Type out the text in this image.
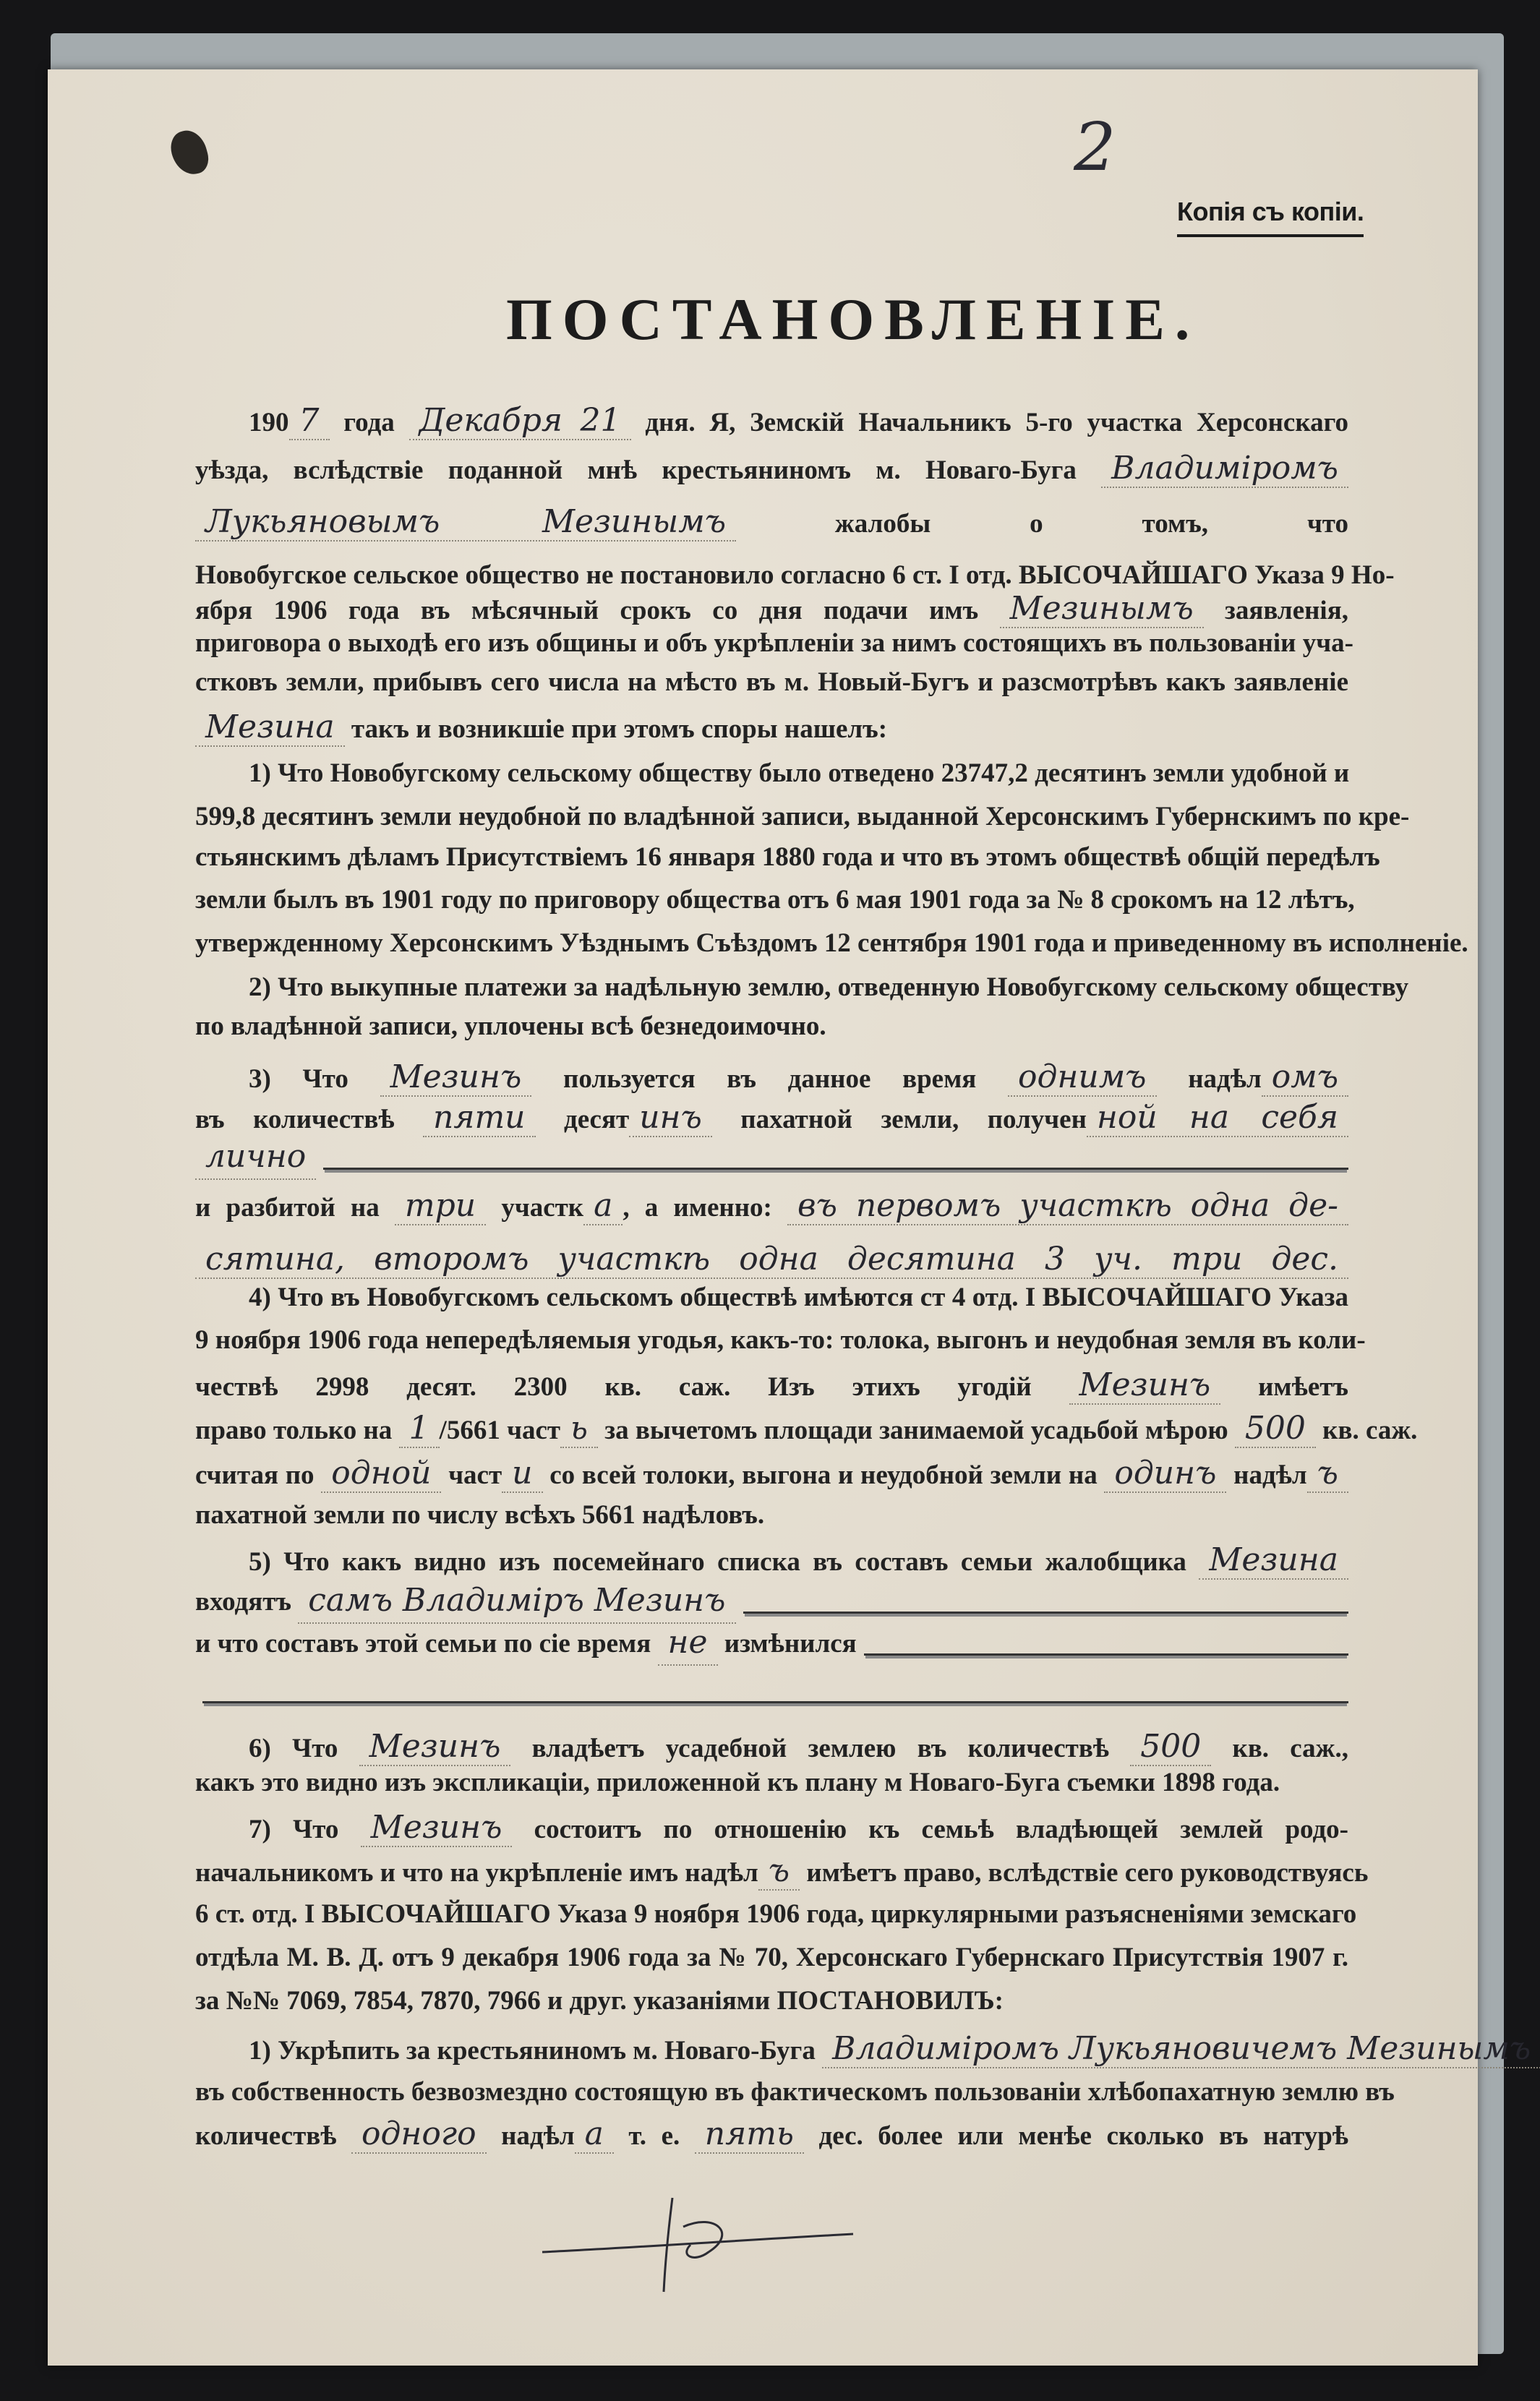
2
Копія съ копіи.
ПОСТАНОВЛЕНІЕ.
190 7 года Декабря 21 дня. Я, Земскій Начальникъ 5-го участка Херсонскаго
уѣзда, вслѣдствіе поданной мнѣ крестьяниномъ м. Новаго-Буга Владиміромъ
Лукьяновымъ Мезинымъ жалобы о томъ, что
Новобугское сельское общество не постановило согласно 6 ст. I отд. ВЫСОЧАЙШАГО Указа 9 Но-
ября 1906 года въ мѣсячный срокъ со дня подачи имъ Мезинымъ заявленія,
приговора о выходѣ его изъ общины и объ укрѣпленіи за нимъ состоящихъ въ пользованіи уча-
стковъ земли, прибывъ сего числа на мѣсто въ м. Новый-Бугъ и разсмотрѣвъ какъ заявленіе
Мезина такъ и возникшіе при этомъ споры нашелъ:
1) Что Новобугскому сельскому обществу было отведено 23747,2 десятинъ земли удобной и
599,8 десятинъ земли неудобной по владѣнной записи, выданной Херсонскимъ Губернскимъ по кре-
стьянскимъ дѣламъ Присутствіемъ 16 января 1880 года и что въ этомъ обществѣ общій передѣлъ
земли былъ въ 1901 году по приговору общества отъ 6 мая 1901 года за № 8 срокомъ на 12 лѣтъ,
утвержденному Херсонскимъ Уѣзднымъ Съѣздомъ 12 сентября 1901 года и приведенному въ исполненіе.
2) Что выкупные платежи за надѣльную землю, отведенную Новобугскому сельскому обществу
по владѣнной записи, уплочены всѣ безнедоимочно.
3) Что Мезинъ пользуется въ данное время однимъ надѣл омъ
въ количествѣ пяти десят инъ пахатной земли, получен ной на себя
лично
и разбитой на три участк а , а именно: въ первомъ участкѣ одна де-
сятина, второмъ участкѣ одна десятина 3 уч. три дес.
4) Что въ Новобугскомъ сельскомъ обществѣ имѣются ст 4 отд. I ВЫСОЧАЙШАГО Указа
9 ноября 1906 года непередѣляемыя угодья, какъ-то: толока, выгонъ и неудобная земля въ коли-
чествѣ 2998 десят. 2300 кв. саж. Изъ этихъ угодій Мезинъ имѣетъ
право только на 1 /5661 част ь за вычетомъ площади занимаемой усадьбой мѣрою 500 кв. саж.
считая по одной част и со всей толоки, выгона и неудобной земли на одинъ надѣл ъ
пахатной земли по числу всѣхъ 5661 надѣловъ.
5) Что какъ видно изъ посемейнаго списка въ составъ семьи жалобщика Мезина
входятъ самъ Владиміръ Мезинъ
и что составъ этой семьи по сіе время не измѣнился
6) Что Мезинъ владѣетъ усадебной землею въ количествѣ 500 кв. саж.,
какъ это видно изъ экспликаціи, приложенной къ плану м Новаго-Буга съемки 1898 года.
7) Что Мезинъ состоитъ по отношенію къ семьѣ владѣющей землей родо-
начальникомъ и что на укрѣпленіе имъ надѣл ъ имѣетъ право, вслѣдствіе сего руководствуясь
6 ст. отд. I ВЫСОЧАЙШАГО Указа 9 ноября 1906 года, циркулярными разъясненіями земскаго
отдѣла М. В. Д. отъ 9 декабря 1906 года за № 70, Херсонскаго Губернскаго Присутствія 1907 г.
за №№ 7069, 7854, 7870, 7966 и друг. указаніями ПОСТАНОВИЛЪ:
1) Укрѣпить за крестьяниномъ м. Новаго-Буга Владиміромъ Лукьяновичемъ Мезинымъ
въ собственность безвозмездно состоящую въ фактическомъ пользованіи хлѣбопахатную землю въ
количествѣ одного надѣл а т. е. пять дес. более или менѣе сколько въ натурѣ
